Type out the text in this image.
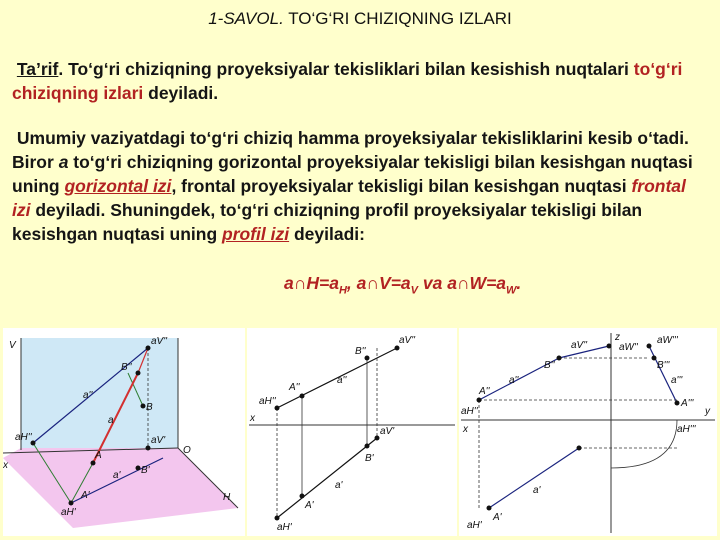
1-SAVOL. TO‘G‘RI CHIZIQNING IZLARI

Ta’rif. To‘g‘ri chiziqning proyeksiyalar tekisliklari bilan kesishish nuqtalari to‘g‘ri chiziqning izlari deyiladi.

Umumiy vaziyatdagi to‘g‘ri chiziq hamma proyeksiyalar tekisliklarini kesib o‘tadi. Biror a to‘g‘ri chiziqning gorizontal proyeksiyalar tekisligi bilan kesishgan nuqtasi uning gorizontal izi, frontal proyeksiyalar tekisligi bilan kesishgan nuqtasi frontal izi deyiladi. Shuningdek, to‘g‘ri chiziqning profil proyeksiyalar tekisligi bilan kesishgan nuqtasi uning profil izi deyiladi:

$a\cap H=a_H$, $a\cap V=a_V$ va $a\cap W=a_W$.
V	aV''
B''
B
a''
a
aH''
x
aV'
O
A
a' B'
aH'
A'	H
aV''
B''
A''
a''
aH''
x
aV'
B'
a'
A'
aH'
z
aW''
aW'''
aV''
B''	B'''
a''	a'''
A''
A'''
aH''
x
y
aH'''
a'
A'
aH'
